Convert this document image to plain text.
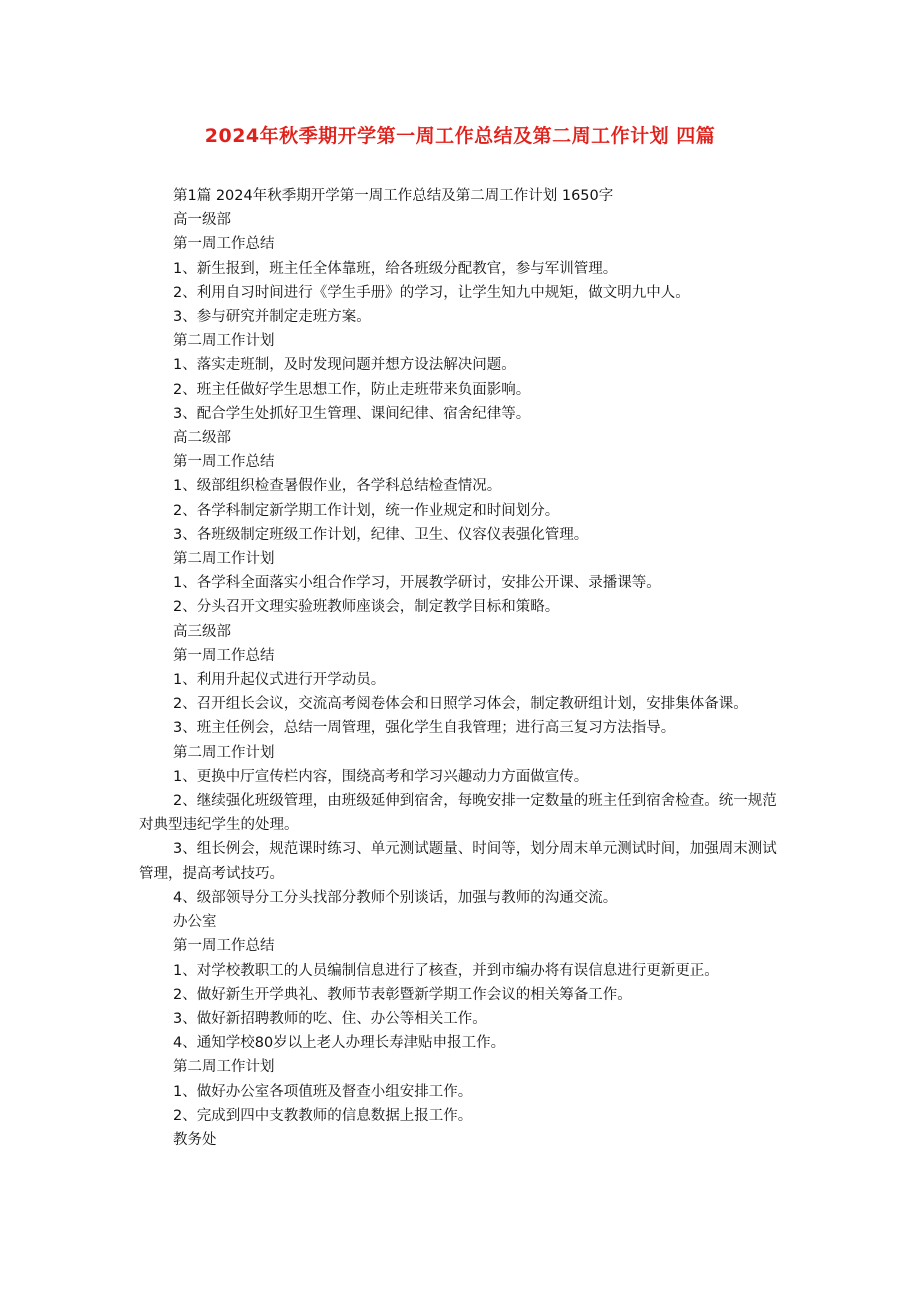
2024年秋季期开学第一周工作总结及第二周工作计划 四篇
第1篇 2024年秋季期开学第一周工作总结及第二周工作计划 1650字
高一级部
第一周工作总结
1、新生报到，班主任全体靠班，给各班级分配教官，参与军训管理。
2、利用自习时间进行《学生手册》的学习，让学生知九中规矩，做文明九中人。
3、参与研究并制定走班方案。
第二周工作计划
1、落实走班制，及时发现问题并想方设法解决问题。
2、班主任做好学生思想工作，防止走班带来负面影响。
3、配合学生处抓好卫生管理、课间纪律、宿舍纪律等。
高二级部
第一周工作总结
1、级部组织检查暑假作业，各学科总结检查情况。
2、各学科制定新学期工作计划，统一作业规定和时间划分。
3、各班级制定班级工作计划，纪律、卫生、仪容仪表强化管理。
第二周工作计划
1、各学科全面落实小组合作学习，开展教学研讨，安排公开课、录播课等。
2、分头召开文理实验班教师座谈会，制定教学目标和策略。
高三级部
第一周工作总结
1、利用升起仪式进行开学动员。
2、召开组长会议，交流高考阅卷体会和日照学习体会，制定教研组计划，安排集体备课。
3、班主任例会，总结一周管理，强化学生自我管理；进行高三复习方法指导。
第二周工作计划
1、更换中厅宣传栏内容，围绕高考和学习兴趣动力方面做宣传。
2、继续强化班级管理，由班级延伸到宿舍，每晚安排一定数量的班主任到宿舍检查。统一规范对典型违纪学生的处理。
3、组长例会，规范课时练习、单元测试题量、时间等，划分周末单元测试时间，加强周末测试管理，提高考试技巧。
4、级部领导分工分头找部分教师个别谈话，加强与教师的沟通交流。
办公室
第一周工作总结
1、对学校教职工的人员编制信息进行了核查，并到市编办将有误信息进行更新更正。
2、做好新生开学典礼、教师节表彰暨新学期工作会议的相关筹备工作。
3、做好新招聘教师的吃、住、办公等相关工作。
4、通知学校80岁以上老人办理长寿津贴申报工作。
第二周工作计划
1、做好办公室各项值班及督查小组安排工作。
2、完成到四中支教教师的信息数据上报工作。
教务处
